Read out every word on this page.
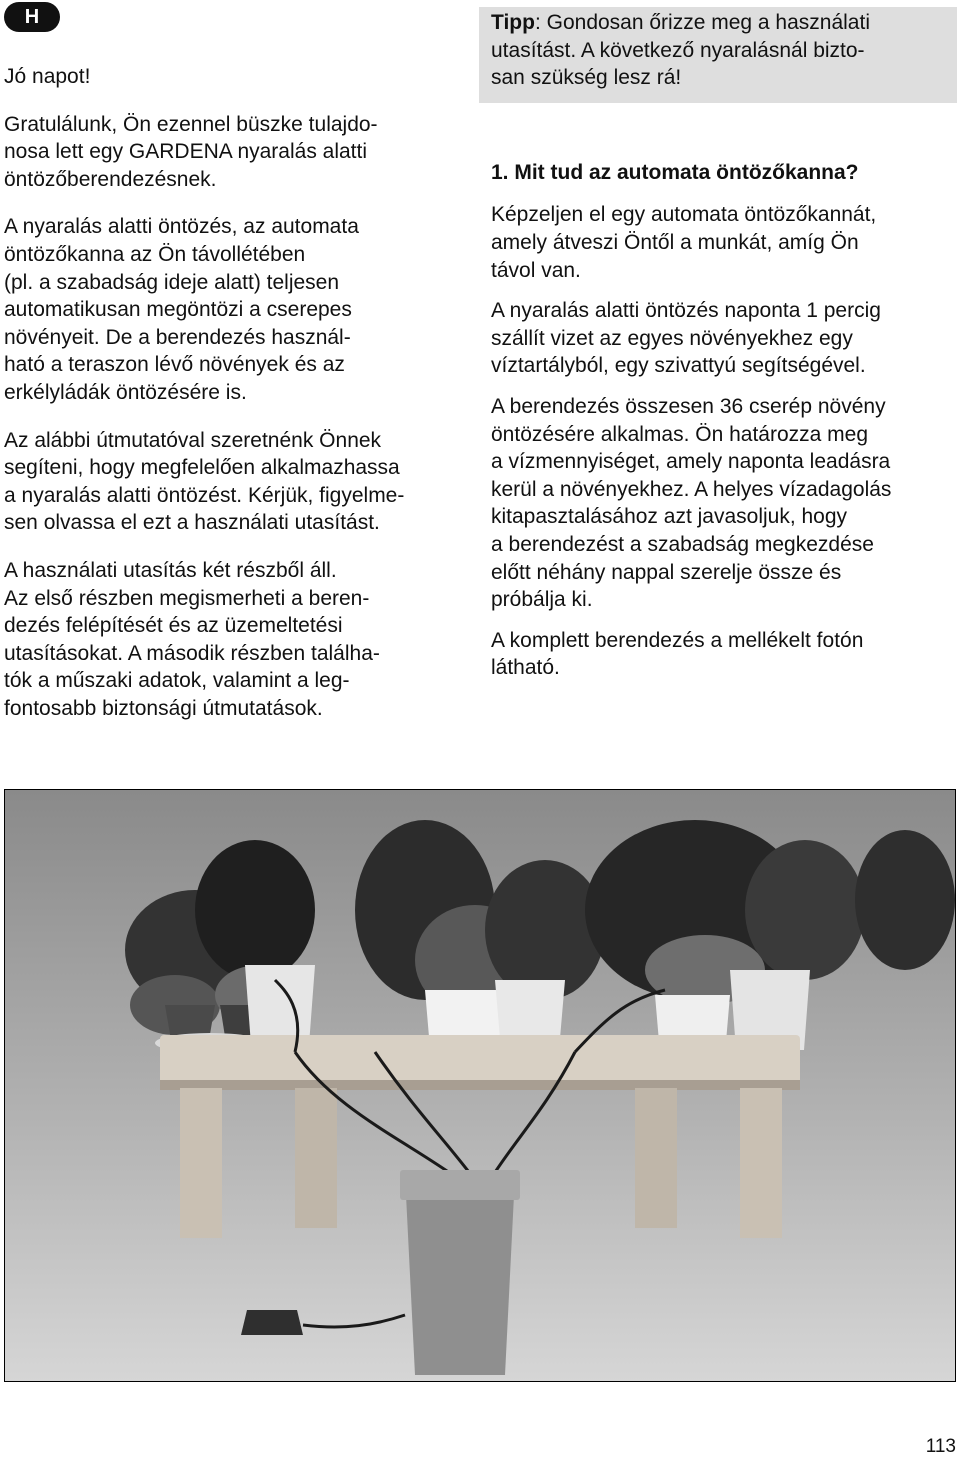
H

Jó napot!

Gratulálunk, Ön ezennel büszke tulajdo-
nosa lett egy GARDENA nyaralás alatti
öntözőberendezésnek.

A nyaralás alatti öntözés, az automata
öntözőkanna az Ön távollétében
(pl. a szabadság ideje alatt) teljesen
automatikusan megöntözi a cserepes
növényeit. De a berendezés használ-
ható a teraszon lévő növények és az
erkélyládák öntözésére is.

Az alábbi útmutatóval szeretnénk Önnek
segíteni, hogy megfelelően alkalmazhassa
a nyaralás alatti öntözést. Kérjük, figyelme-
sen olvassa el ezt a használati utasítást.

A használati utasítás két részből áll.
Az első részben megismerheti a beren-
dezés felépítését és az üzemeltetési
utasításokat. A második részben találha-
tók a műszaki adatok, valamint a leg-
fontosabb biztonsági útmutatások.

Tipp: Gondosan őrizze meg a használati
utasítást. A következő nyaralásnál bizto-
san szükség lesz rá!

1. Mit tud az automata öntözőkanna?

Képzeljen el egy automata öntözőkannát,
amely átveszi Öntől a munkát, amíg Ön
távol van.

A nyaralás alatti öntözés naponta 1 percig
szállít vizet az egyes növényekhez egy
víztartályból, egy szivattyú segítségével.

A berendezés összesen 36 cserép növény
öntözésére alkalmas. Ön határozza meg
a vízmennyiséget, amely naponta leadásra
kerül a növényekhez. A helyes vízadagolás
kitapasztalásához azt javasoljuk, hogy
a berendezést a szabadság megkezdése
előtt néhány nappal szerelje össze és
próbálja ki.

A komplett berendezés a mellékelt fotón
látható.

113
